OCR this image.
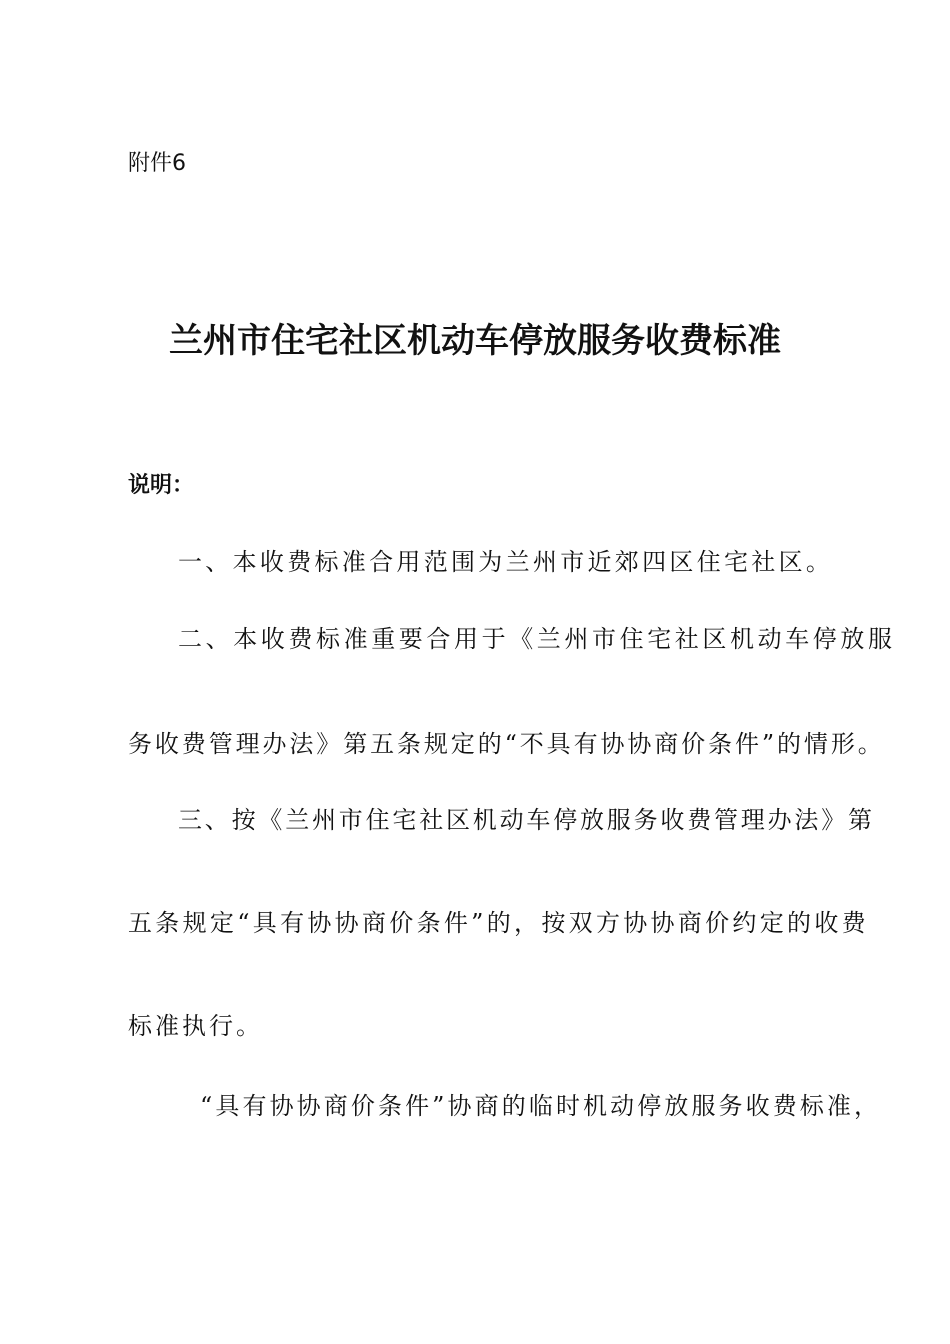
附件6
兰州市住宅社区机动车停放服务收费标准
说明：
一、本收费标准合用范围为兰州市近郊四区住宅社区。
二、本收费标准重要合用于《兰州市住宅社区机动车停放服
务收费管理办法》第五条规定的“不具有协协商价条件”的情形。
三、按《兰州市住宅社区机动车停放服务收费管理办法》第
五条规定“具有协协商价条件”的，按双方协协商价约定的收费
标准执行。
“具有协协商价条件”协商的临时机动停放服务收费标准，
